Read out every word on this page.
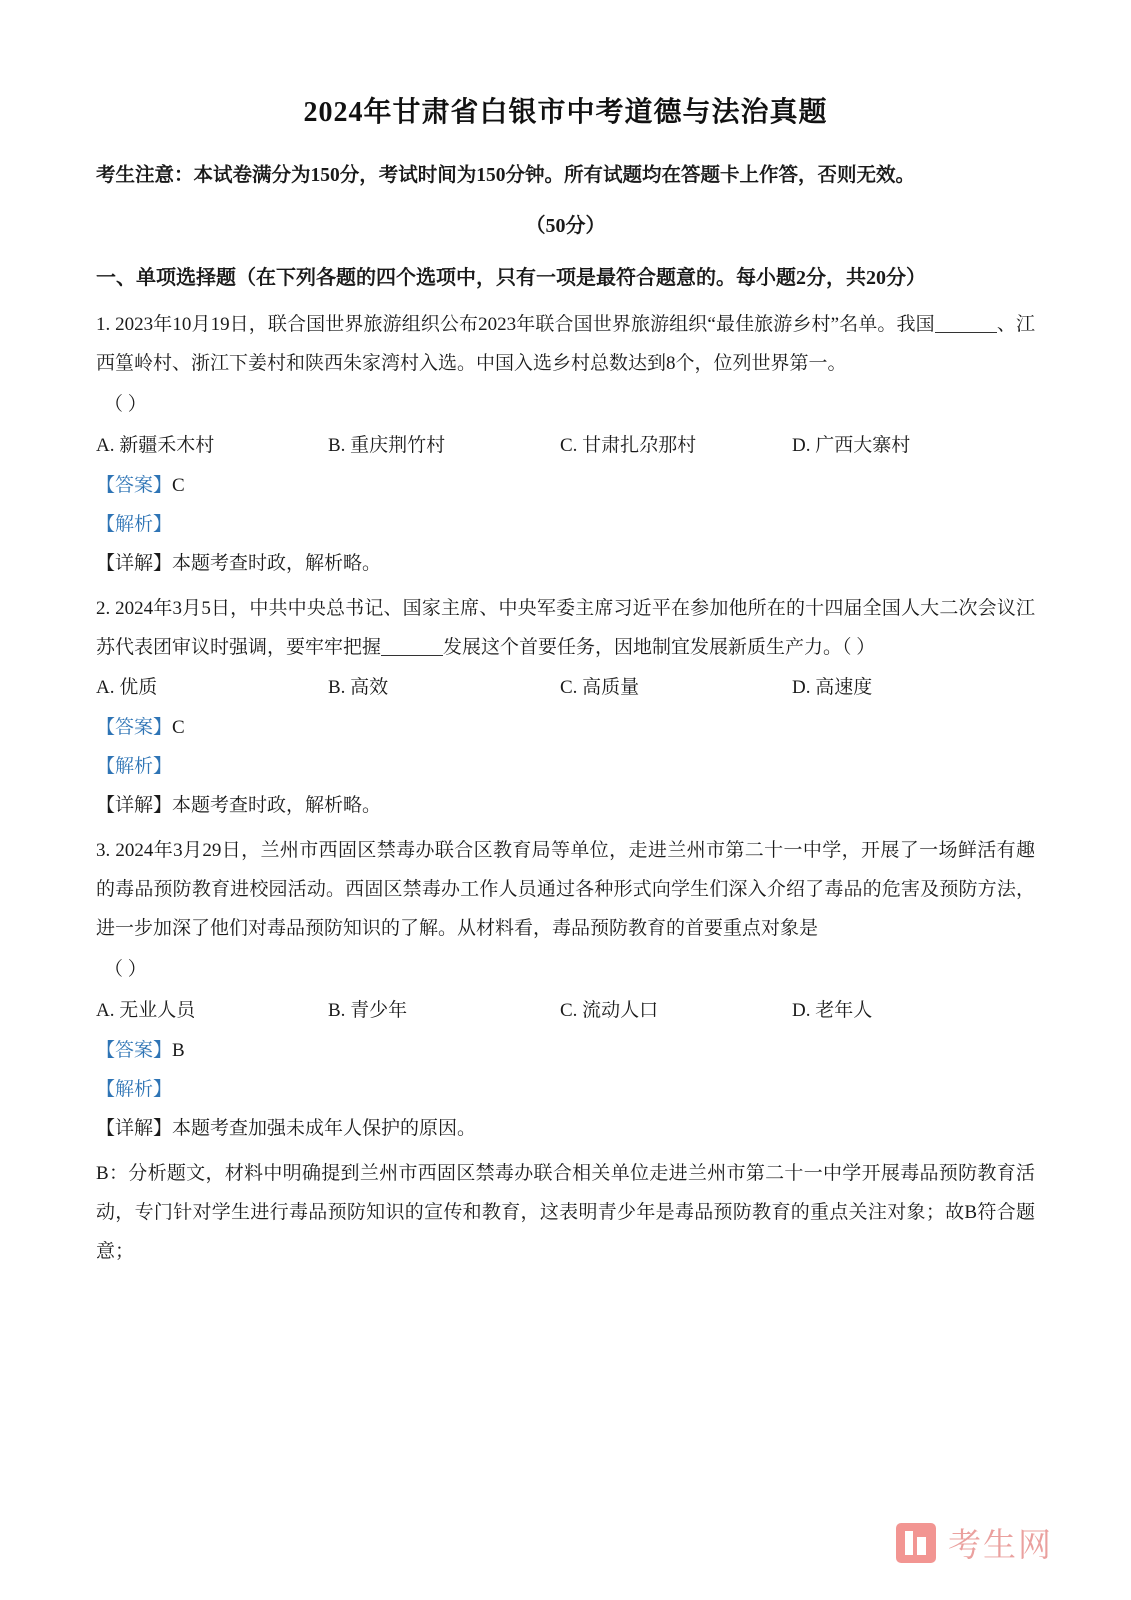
2024年甘肃省白银市中考道德与法治真题

考生注意：本试卷满分为150分，考试时间为150分钟。所有试题均在答题卡上作答，否则无效。

（50分）

一、单项选择题（在下列各题的四个选项中，只有一项是最符合题意的。每小题2分，共20分）

1. 2023年10月19日，联合国世界旅游组织公布2023年联合国世界旅游组织“最佳旅游乡村”名单。我国	、江西篁岭村、浙江下姜村和陕西朱家湾村入选。中国入选乡村总数达到8个，位列世界第一。

（ ）

A. 新疆禾木村	B. 重庆荆竹村	C. 甘肃扎尕那村	D. 广西大寨村

【答案】C

【解析】

【详解】本题考查时政，解析略。

2. 2024年3月5日，中共中央总书记、国家主席、中央军委主席习近平在参加他所在的十四届全国人大二次会议江苏代表团审议时强调，要牢牢把握	发展这个首要任务，因地制宜发展新质生产力。（ ）

A. 优质	B. 高效	C. 高质量	D. 高速度

【答案】C

【解析】

【详解】本题考查时政，解析略。

3. 2024年3月29日，兰州市西固区禁毒办联合区教育局等单位，走进兰州市第二十一中学，开展了一场鲜活有趣的毒品预防教育进校园活动。西固区禁毒办工作人员通过各种形式向学生们深入介绍了毒品的危害及预防方法，进一步加深了他们对毒品预防知识的了解。从材料看，毒品预防教育的首要重点对象是

（ ）

A. 无业人员	B. 青少年	C. 流动人口	D. 老年人

【答案】B

【解析】

【详解】本题考查加强未成年人保护的原因。

B：分析题文，材料中明确提到兰州市西固区禁毒办联合相关单位走进兰州市第二十一中学开展毒品预防教育活动，专门针对学生进行毒品预防知识的宣传和教育，这表明青少年是毒品预防教育的重点关注对象；故B符合题意；

考生网
